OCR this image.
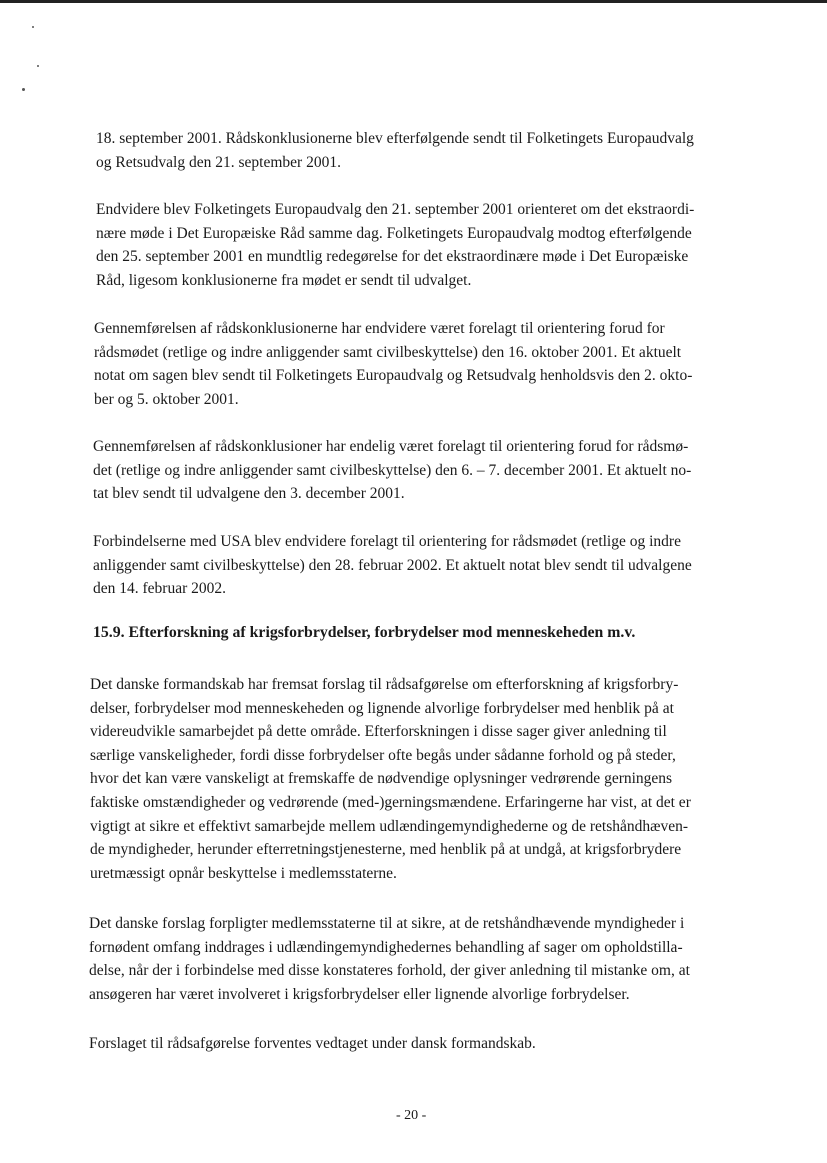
18. september 2001. Rådskonklusionerne blev efterfølgende sendt til Folketingets Europaudvalg
og Retsudvalg den 21. september 2001.
Endvidere blev Folketingets Europaudvalg den 21. september 2001 orienteret om det ekstraordi-
nære møde i Det Europæiske Råd samme dag. Folketingets Europaudvalg modtog efterfølgende
den 25. september 2001 en mundtlig redegørelse for det ekstraordinære møde i Det Europæiske
Råd, ligesom konklusionerne fra mødet er sendt til udvalget.
Gennemførelsen af rådskonklusionerne har endvidere været forelagt til orientering forud for
rådsmødet (retlige og indre anliggender samt civilbeskyttelse) den 16. oktober 2001. Et aktuelt
notat om sagen blev sendt til Folketingets Europaudvalg og Retsudvalg henholdsvis den 2. okto-
ber og 5. oktober 2001.
Gennemførelsen af rådskonklusioner har endelig været forelagt til orientering forud for rådsmø-
det (retlige og indre anliggender samt civilbeskyttelse) den 6. – 7. december 2001. Et aktuelt no-
tat blev sendt til udvalgene den 3. december 2001.
Forbindelserne med USA blev endvidere forelagt til orientering for rådsmødet (retlige og indre
anliggender samt civilbeskyttelse) den 28. februar 2002. Et aktuelt notat blev sendt til udvalgene
den 14. februar 2002.
15.9. Efterforskning af krigsforbrydelser, forbrydelser mod menneskeheden m.v.
Det danske formandskab har fremsat forslag til rådsafgørelse om efterforskning af krigsforbry-
delser, forbrydelser mod menneskeheden og lignende alvorlige forbrydelser med henblik på at
videreudvikle samarbejdet på dette område. Efterforskningen i disse sager giver anledning til
særlige vanskeligheder, fordi disse forbrydelser ofte begås under sådanne forhold og på steder,
hvor det kan være vanskeligt at fremskaffe de nødvendige oplysninger vedrørende gerningens
faktiske omstændigheder og vedrørende (med-)gerningsmændene. Erfaringerne har vist, at det er
vigtigt at sikre et effektivt samarbejde mellem udlændingemyndighederne og de retshåndhæven-
de myndigheder, herunder efterretningstjenesterne, med henblik på at undgå, at krigsforbrydere
uretmæssigt opnår beskyttelse i medlemsstaterne.
Det danske forslag forpligter medlemsstaterne til at sikre, at de retshåndhævende myndigheder i
fornødent omfang inddrages i udlændingemyndighedernes behandling af sager om opholdstilla-
delse, når der i forbindelse med disse konstateres forhold, der giver anledning til mistanke om, at
ansøgeren har været involveret i krigsforbrydelser eller lignende alvorlige forbrydelser.
Forslaget til rådsafgørelse forventes vedtaget under dansk formandskab.
- 20 -
